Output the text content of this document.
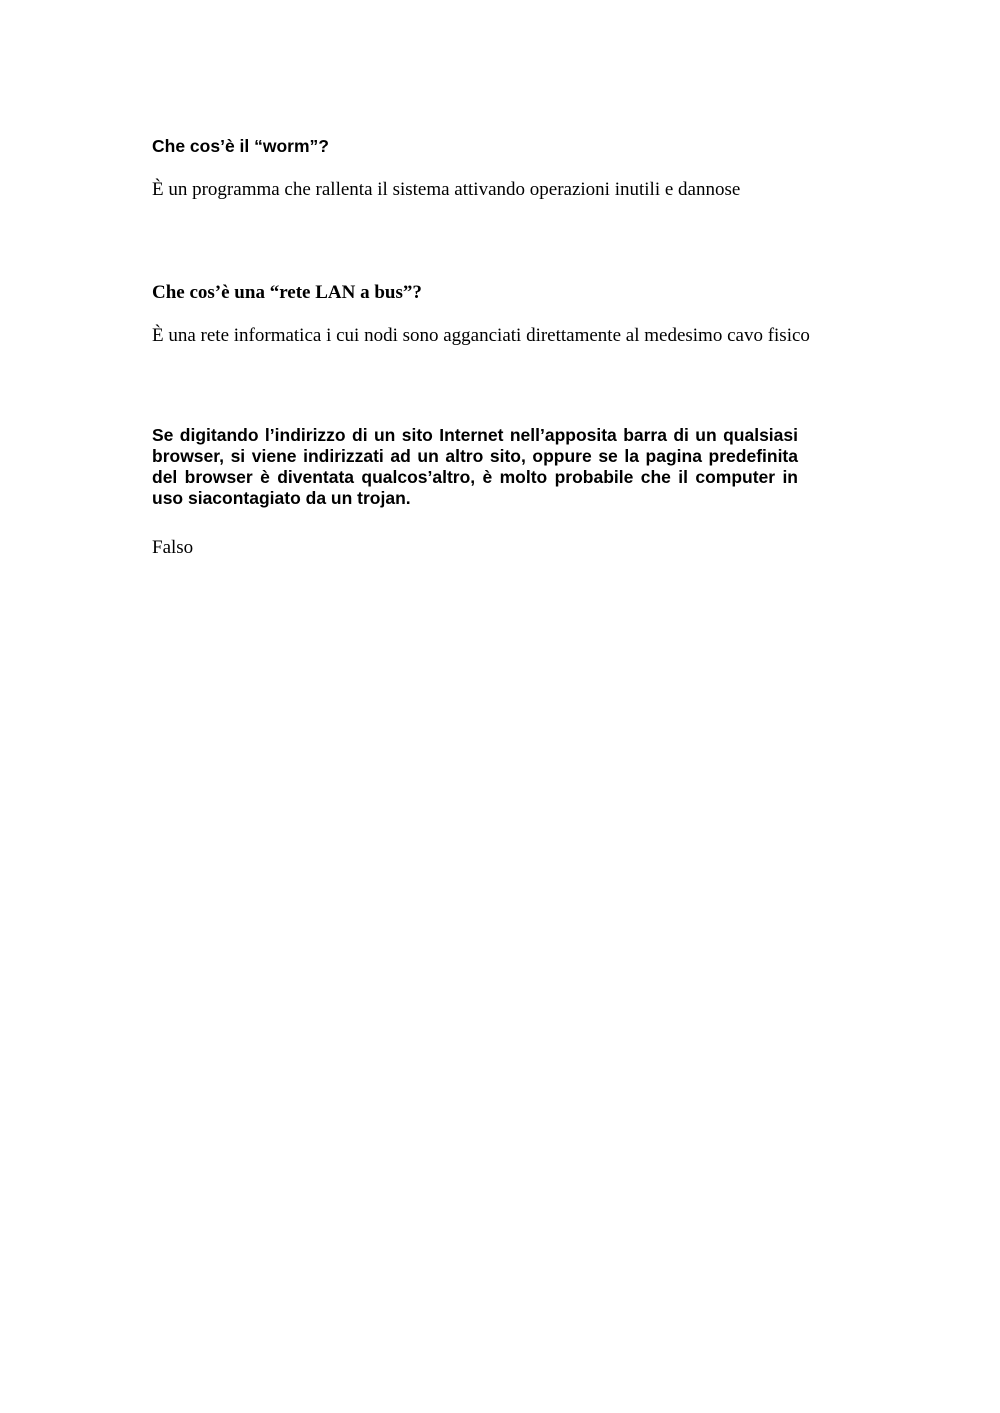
Che cos’è il “worm”?

È un programma che rallenta il sistema attivando operazioni inutili e dannose

Che cos’è una “rete LAN a bus”?

È una rete informatica i cui nodi sono agganciati direttamente al medesimo cavo fisico

Se digitando l’indirizzo di un sito Internet nell’apposita barra di un qualsiasi browser, si viene indirizzati ad un altro sito, oppure se la pagina predefinita del browser è diventata qualcos’altro, è molto probabile che il computer in uso siacontagiato da un trojan.

Falso
